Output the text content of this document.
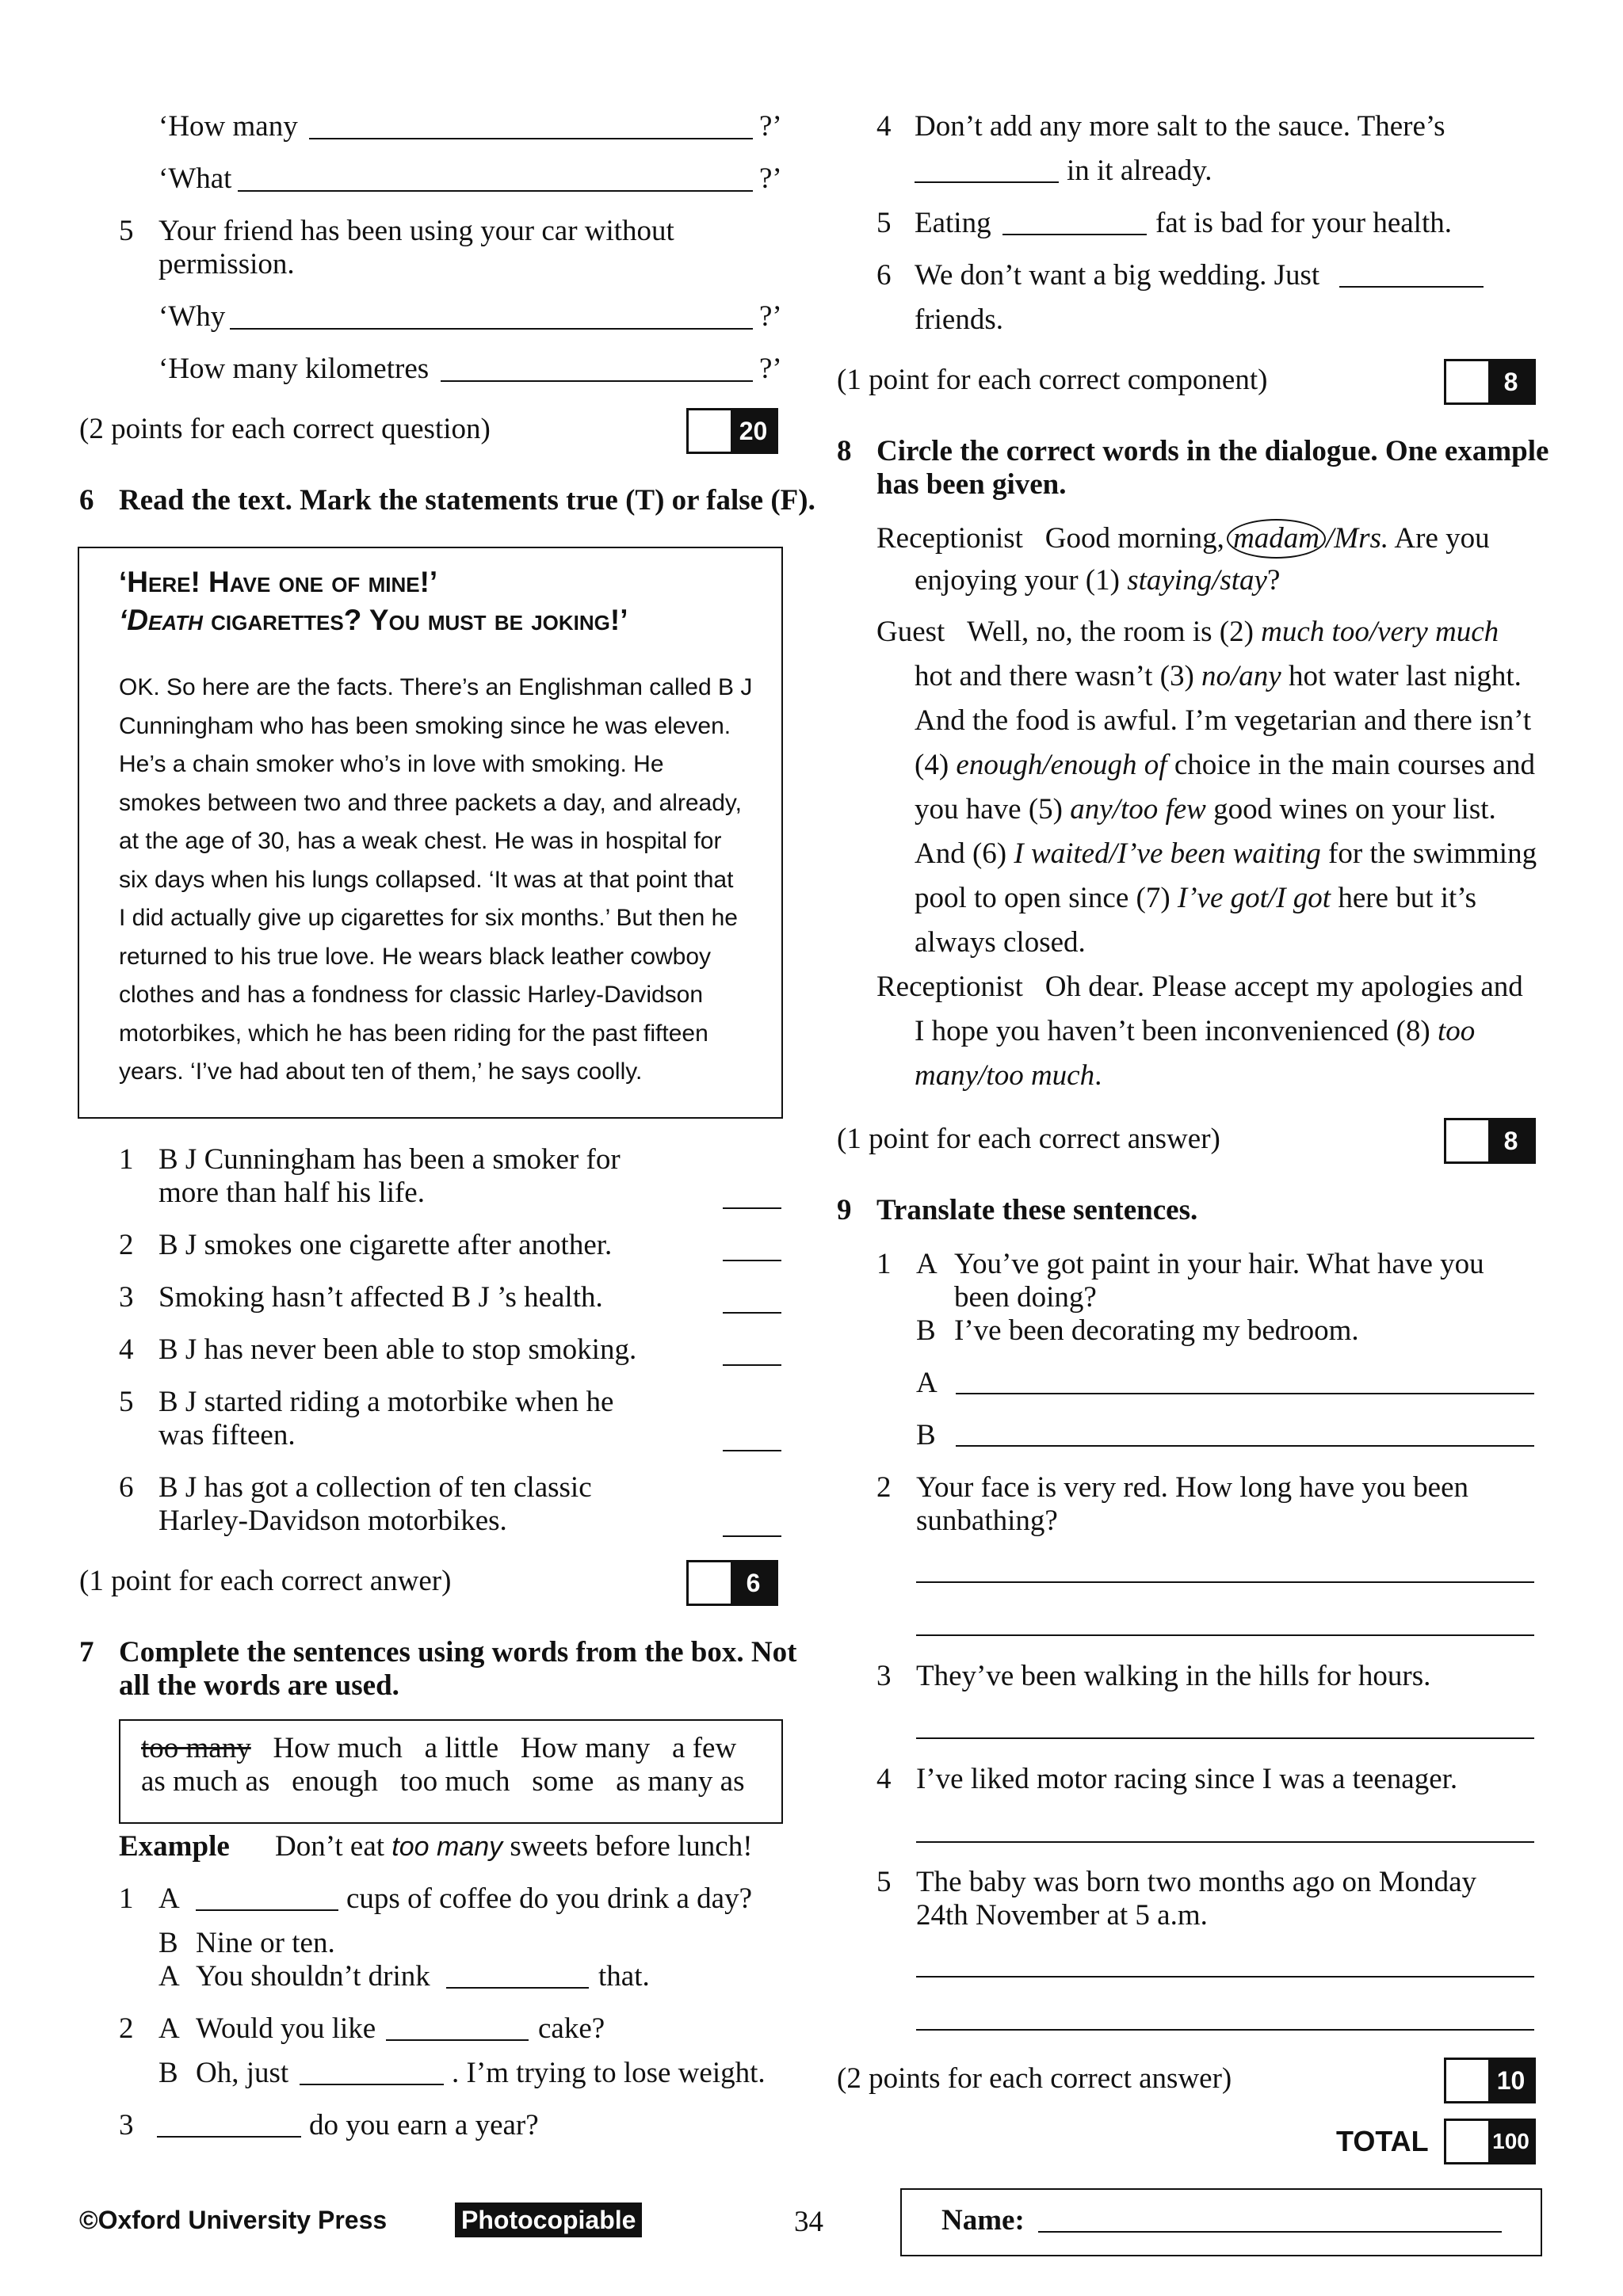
‘How many	?’
‘What	?’
5 Your friend has been using your car without
permission.
‘Why	?’
‘How many kilometres	?’
(2 points for each correct question)	20
6 Read the text. Mark the statements true (T) or false (F).
‘Here! Have one of mine!’
‘Death cigarettes? You must be joking!’
OK. So here are the facts. There’s an Englishman called B J
Cunningham who has been smoking since he was eleven.
He’s a chain smoker who’s in love with smoking. He
smokes between two and three packets a day, and already,
at the age of 30, has a weak chest. He was in hospital for
six days when his lungs collapsed. ‘It was at that point that
I did actually give up cigarettes for six months.’ But then he
returned to his true love. He wears black leather cowboy
clothes and has a fondness for classic Harley-Davidson
motorbikes, which he has been riding for the past fifteen
years. ‘I’ve had about ten of them,’ he says coolly.
1 B J Cunningham has been a smoker for
more than half his life.
2 B J smokes one cigarette after another.
3 Smoking hasn’t affected B J ’s health.
4 B J has never been able to stop smoking.
5 B J started riding a motorbike when he
was fifteen.
6 B J has got a collection of ten classic
Harley-Davidson motorbikes.
(1 point for each correct anwer)	6
7 Complete the sentences using words from the box. Not
all the words are used.
too many How much a little How many a few
as much as enough too much some as many as
Example Don’t eat too many sweets before lunch!
1 A	cups of coffee do you drink a day?
B Nine or ten.
A You shouldn’t drink	that.
2 A Would you like	cake?
B Oh, just	. I’m trying to lose weight.
3	do you earn a year?
4 Don’t add any more salt to the sauce. There’s
in it already.
5 Eating	fat is bad for your health.
6 We don’t want a big wedding. Just
friends.
(1 point for each correct component)	8
8 Circle the correct words in the dialogue. One example
has been given.
Receptionist Good morning, madam /Mrs. Are you
enjoying your (1) staying/stay?
Guest Well, no, the room is (2) much too/very much
hot and there wasn’t (3) no/any hot water last night.
And the food is awful. I’m vegetarian and there isn’t
(4) enough/enough of choice in the main courses and
you have (5) any/too few good wines on your list.
And (6) I waited/I’ve been waiting for the swimming
pool to open since (7) I’ve got/I got here but it’s
always closed.
Receptionist Oh dear. Please accept my apologies and
I hope you haven’t been inconvenienced (8) too
many/too much.
(1 point for each correct answer)	8
9 Translate these sentences.
1 A You’ve got paint in your hair. What have you
been doing?
B I’ve been decorating my bedroom.
A
B
2 Your face is very red. How long have you been
sunbathing?
3 They’ve been walking in the hills for hours.
4 I’ve liked motor racing since I was a teenager.
5 The baby was born two months ago on Monday
24th November at 5 a.m.
(2 points for each correct answer)	10
TOTAL	100
©Oxford University Press	Photocopiable	34	Name:
